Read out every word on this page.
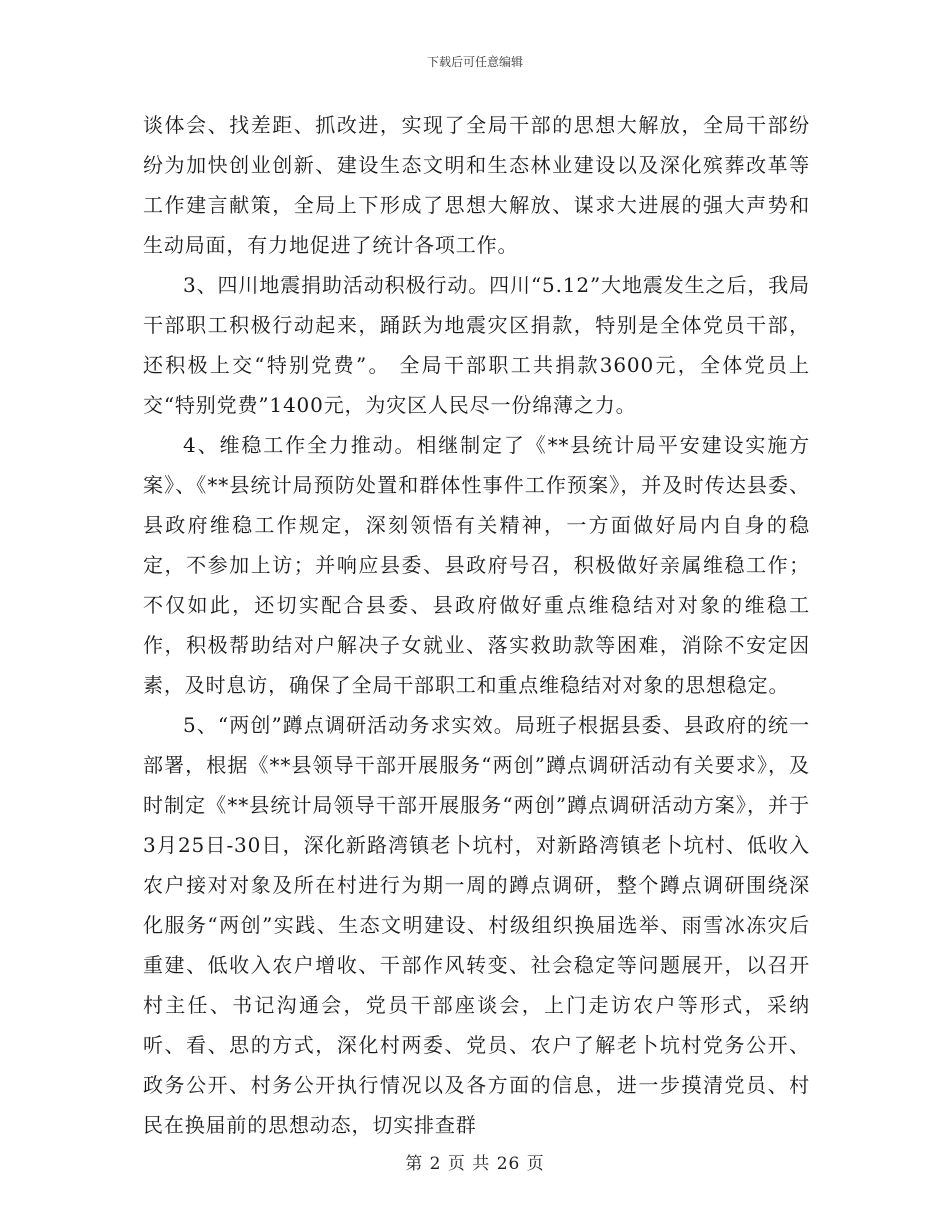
下载后可任意编辑

谈体会、找差距、抓改进，实现了全局干部的思想大解放，全局干部纷纷为加快创业创新、建设生态文明和生态林业建设以及深化殡葬改革等工作建言献策，全局上下形成了思想大解放、谋求大进展的强大声势和生动局面，有力地促进了统计各项工作。

3、四川地震捐助活动积极行动。四川“5.12”大地震发生之后，我局干部职工积极行动起来，踊跃为地震灾区捐款，特别是全体党员干部，还积极上交“特别党费”。 全局干部职工共捐款3600元，全体党员上交“特别党费”1400元，为灾区人民尽一份绵薄之力。

4、维稳工作全力推动。相继制定了《**县统计局平安建设实施方案》、《**县统计局预防处置和群体性事件工作预案》，并及时传达县委、县政府维稳工作规定，深刻领悟有关精神，一方面做好局内自身的稳定，不参加上访；并响应县委、县政府号召，积极做好亲属维稳工作；不仅如此，还切实配合县委、县政府做好重点维稳结对对象的维稳工作，积极帮助结对户解决子女就业、落实救助款等困难，消除不安定因素，及时息访，确保了全局干部职工和重点维稳结对对象的思想稳定。

5、“两创”蹲点调研活动务求实效。局班子根据县委、县政府的统一部署，根据《**县领导干部开展服务“两创”蹲点调研活动有关要求》，及时制定《**县统计局领导干部开展服务“两创”蹲点调研活动方案》，并于3月25日-30日，深化新路湾镇老卜坑村，对新路湾镇老卜坑村、低收入农户接对对象及所在村进行为期一周的蹲点调研，整个蹲点调研围绕深化服务“两创”实践、生态文明建设、村级组织换届选举、雨雪冰冻灾后重建、低收入农户增收、干部作风转变、社会稳定等问题展开，以召开村主任、书记沟通会，党员干部座谈会，上门走访农户等形式，采纳听、看、思的方式，深化村两委、党员、农户了解老卜坑村党务公开、政务公开、村务公开执行情况以及各方面的信息，进一步摸清党员、村民在换届前的思想动态，切实排查群

第 2 页 共 26 页
